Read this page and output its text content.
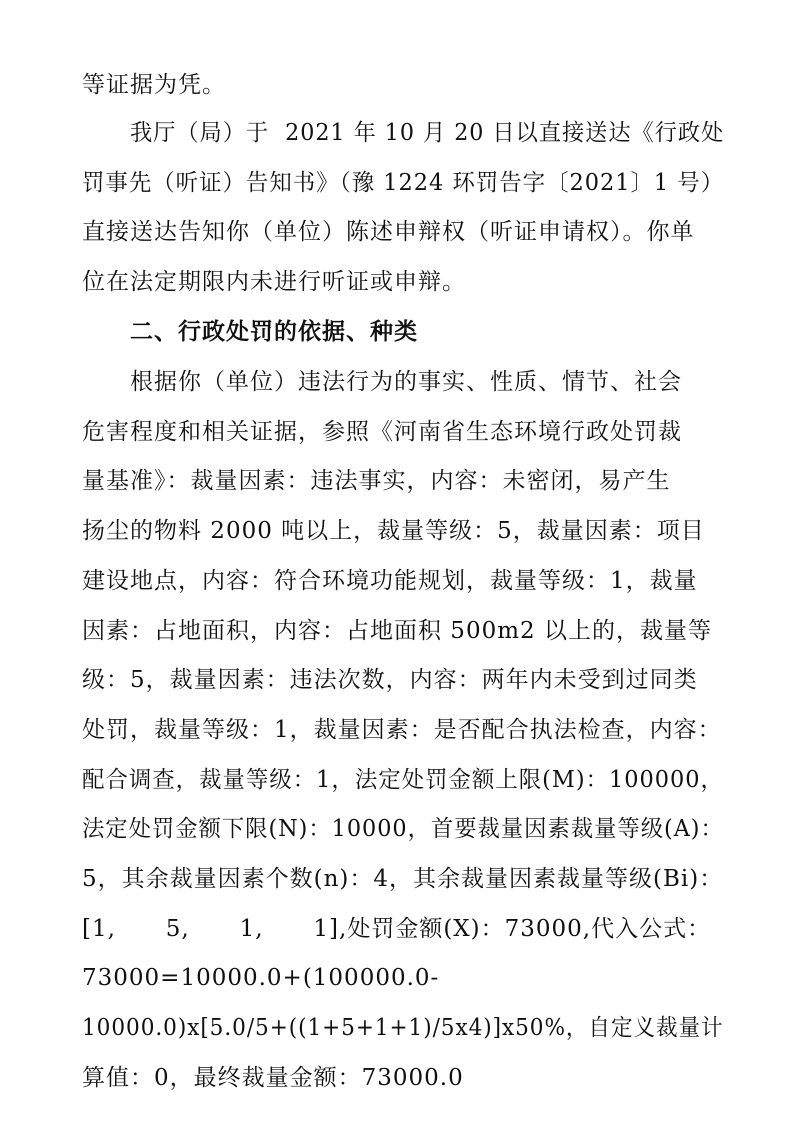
等证据为凭。
我厅（局）于  2021 年 10 月 20 日以直接送达《行政处
罚事先（听证）告知书》（豫 1224 环罚告字〔2021〕1 号）
直接送达告知你（单位）陈述申辩权（听证申请权）。你单
位在法定期限内未进行听证或申辩。
二、行政处罚的依据、种类
根据你（单位）违法行为的事实、性质、情节、社会
危害程度和相关证据，参照《河南省生态环境行政处罚裁
量基准》：裁量因素：违法事实，内容：未密闭，易产生
扬尘的物料 2000 吨以上，裁量等级：5，裁量因素：项目
建设地点，内容：符合环境功能规划，裁量等级：1，裁量
因素：占地面积，内容：占地面积 500m2 以上的，裁量等
级：5，裁量因素：违法次数，内容：两年内未受到过同类
处罚，裁量等级：1，裁量因素：是否配合执法检查，内容：
配合调查，裁量等级：1，法定处罚金额上限(M)：100000，
法定处罚金额下限(N)：10000，首要裁量因素裁量等级(A)：
5，其余裁量因素个数(n)：4，其余裁量因素裁量等级(Bi)：
[1,      5,      1,      1],处罚金额(X)：73000,代入公式：
73000=10000.0+(100000.0-
10000.0)x[5.0/5+((1+5+1+1)/5x4)]x50%，自定义裁量计
算值：0，最终裁量金额：73000.0
